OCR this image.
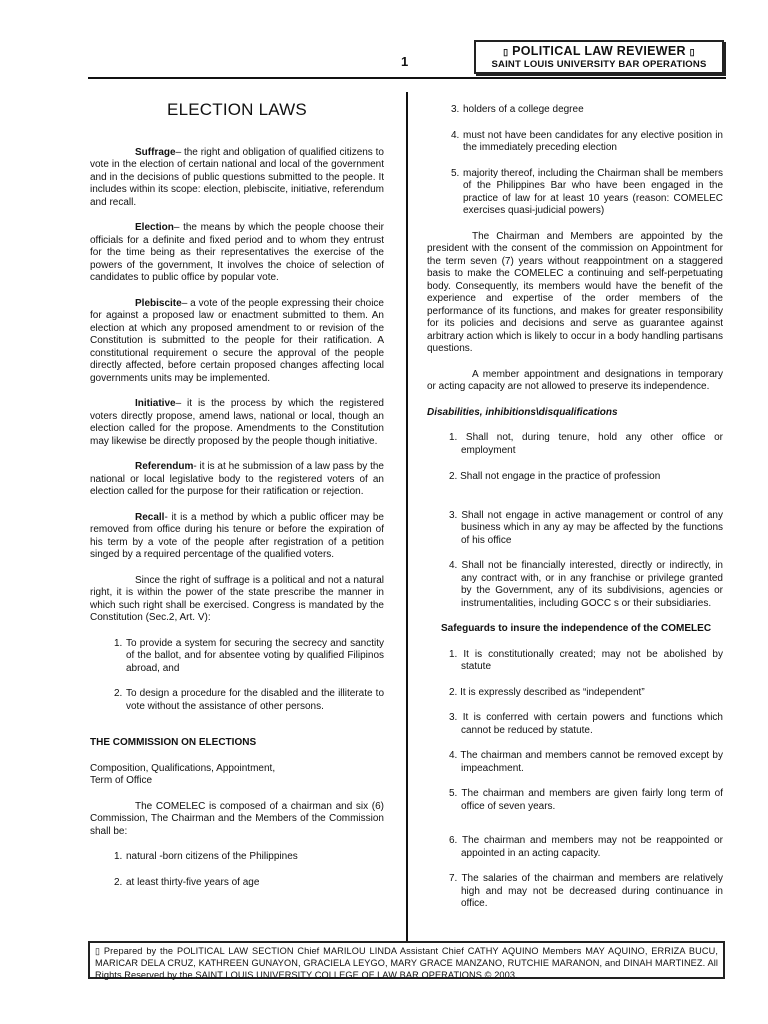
1
▯ POLITICAL LAW REVIEWER ▯
SAINT LOUIS UNIVERSITY BAR OPERATIONS
ELECTION LAWS

Suffrage– the right and obligation of qualified citizens to vote in the election of certain national and local of the government and in the decisions of public questions submitted to the people. It includes within its scope: election, plebiscite, initiative, referendum and recall.

Election– the means by which the people choose their officials for a definite and fixed period and to whom they entrust for the time being as their representatives the exercise of the powers of the government, It involves the choice of selection of candidates to public office by popular vote.

Plebiscite– a vote of the people expressing their choice for against a proposed law or enactment submitted to them. An election at which any proposed amendment to or revision of the Constitution is submitted to the people for their ratification. A constitutional requirement o secure the approval of the people directly affected, before certain proposed changes affecting local governments units may be implemented.

Initiative– it is the process by which the registered voters directly propose, amend laws, national or local, though an election called for the propose. Amendments to the Constitution may likewise be directly proposed by the people though initiative.

Referendum- it is at he submission of a law pass by the national or local legislative body to the registered voters of an election called for the purpose for their ratification or rejection.

Recall- it is a method by which a public officer may be removed from office during his tenure or before the expiration of his term by a vote of the people after registration of a petition singed by a required percentage of the qualified voters.

Since the right of suffrage is a political and not a natural right, it is within the power of the state prescribe the manner in which such right shall be exercised. Congress is mandated by the Constitution (Sec.2, Art. V):

1. To provide a system for securing the secrecy and sanctity of the ballot, and for absentee voting by qualified Filipinos abroad, and
2. To design a procedure for the disabled and the illiterate to vote without the assistance of other persons.
THE COMMISSION ON ELECTIONS
Composition, Qualifications, Appointment,
Term of Office

The COMELEC is composed of a chairman and six (6) Commission, The Chairman and the Members of the Commission shall be:

1. natural -born citizens of the Philippines
2. at least thirty-five years of age
3. holders of a college degree
4. must not have been candidates for any elective position in the immediately preceding election
5. majority thereof, including the Chairman shall be members of the Philippines Bar who have been engaged in the practice of law for at least 10 years (reason: COMELEC exercises quasi-judicial powers)

The Chairman and Members are appointed by the president with the consent of the commission on Appointment for the term seven (7) years without reappointment on a staggered basis to make the COMELEC a continuing and self-perpetuating body. Consequently, its members would have the benefit of the experience and expertise of the order members of the performance of its functions, and makes for greater responsibility for its policies and decisions and serve as guarantee against arbitrary action which is likely to occur in a body handling partisans questions.

A member appointment and designations in temporary or acting capacity are not allowed to preserve its independence.

Disabilities, inhibitions\disqualifications
1. Shall not, during tenure, hold any other office or employment
2. Shall not engage in the practice of profession
3. Shall not engage in active management or control of any business which in any ay may be affected by the functions of his office
4. Shall not be financially interested, directly or indirectly, in any contract with, or in any franchise or privilege granted by the Government, any of its subdivisions, agencies or instrumentalities, including GOCC s or their subsidiaries.
Safeguards to insure the independence of the COMELEC
1. It is constitutionally created; may not be abolished by statute
2. It is expressly described as “independent”
3. It is conferred with certain powers and functions which cannot be reduced by statute.
4. The chairman and members cannot be removed except by impeachment.
5. The chairman and members are given fairly long term of office of seven years.
6. The chairman and members may not be reappointed or appointed in an acting capacity.
7. The salaries of the chairman and members are relatively high and may not be decreased during continuance in office.
▯ Prepared by the POLITICAL LAW SECTION Chief MARILOU LINDA Assistant Chief CATHY AQUINO Members MAY AQUINO, ERRIZA BUCU, MARICAR DELA CRUZ, KATHREEN GUNAYON, GRACIELA LEYGO, MARY GRACE MANZANO, RUTCHIE MARANON, and DINAH MARTINEZ. All Rights Reserved by the SAINT LOUIS UNIVERSITY COLLEGE OF LAW BAR OPERATIONS © 2003.
